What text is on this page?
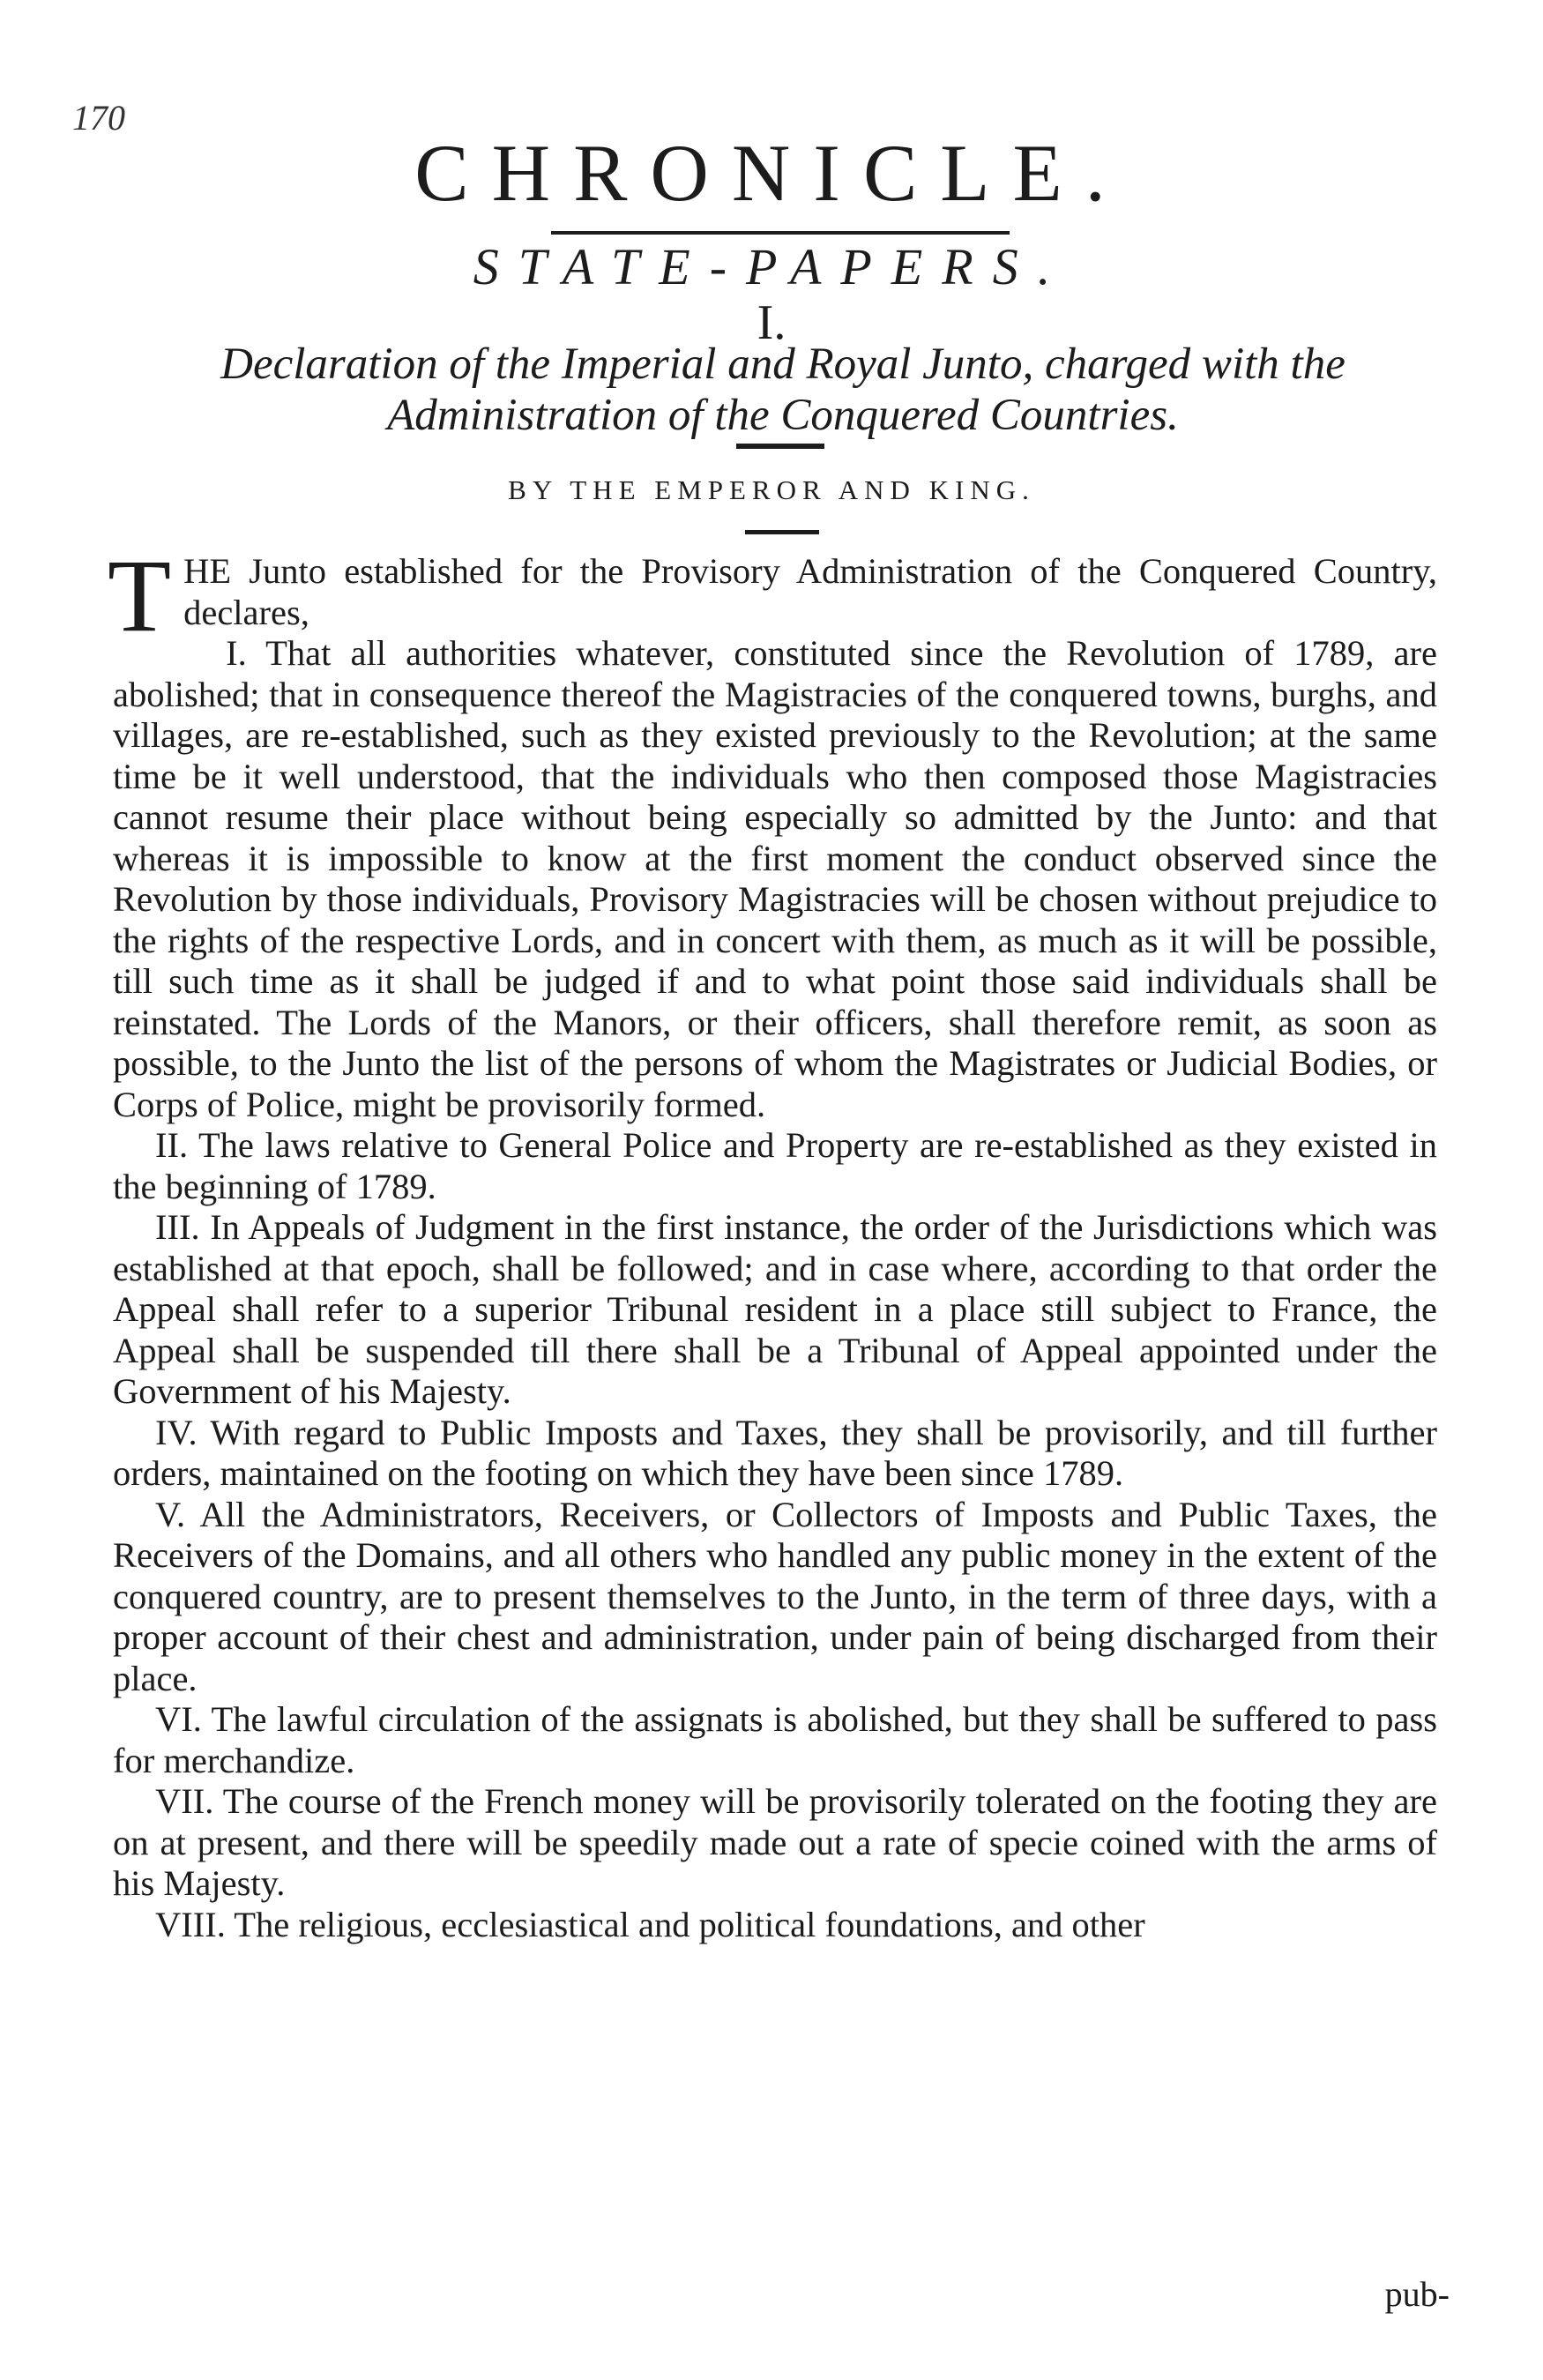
170
CHRONICLE.
STATE-PAPERS.
I.
Declaration of the Imperial and Royal Junto, charged with the Administration of the Conquered Countries.
BY THE EMPEROR AND KING.

THE Junto established for the Provisory Administration of the Conquered Country, declares,

I. That all authorities whatever, constituted since the Revolution of 1789, are abolished; that in consequence thereof the Magistracies of the conquered towns, burghs, and villages, are re-established, such as they existed previously to the Revolution; at the same time be it well understood, that the individuals who then composed those Magistracies cannot resume their place without being especially so admitted by the Junto: and that whereas it is impossible to know at the first moment the conduct observed since the Revolution by those individuals, Provisory Magistracies will be chosen without prejudice to the rights of the respective Lords, and in concert with them, as much as it will be possible, till such time as it shall be judged if and to what point those said individuals shall be reinstated. The Lords of the Manors, or their officers, shall therefore remit, as soon as possible, to the Junto the list of the persons of whom the Magistrates or Judicial Bodies, or Corps of Police, might be provisorily formed.

II. The laws relative to General Police and Property are re-established as they existed in the beginning of 1789.

III. In Appeals of Judgment in the first instance, the order of the Jurisdictions which was established at that epoch, shall be followed; and in case where, according to that order the Appeal shall refer to a superior Tribunal resident in a place still subject to France, the Appeal shall be suspended till there shall be a Tribunal of Appeal appointed under the Government of his Majesty.

IV. With regard to Public Imposts and Taxes, they shall be provisorily, and till further orders, maintained on the footing on which they have been since 1789.

V. All the Administrators, Receivers, or Collectors of Imposts and Public Taxes, the Receivers of the Domains, and all others who handled any public money in the extent of the conquered country, are to present themselves to the Junto, in the term of three days, with a proper account of their chest and administration, under pain of being discharged from their place.

VI. The lawful circulation of the assignats is abolished, but they shall be suffered to pass for merchandize.

VII. The course of the French money will be provisorily tolerated on the footing they are on at present, and there will be speedily made out a rate of specie coined with the arms of his Majesty.

VIII. The religious, ecclesiastical and political foundations, and other

pub-
